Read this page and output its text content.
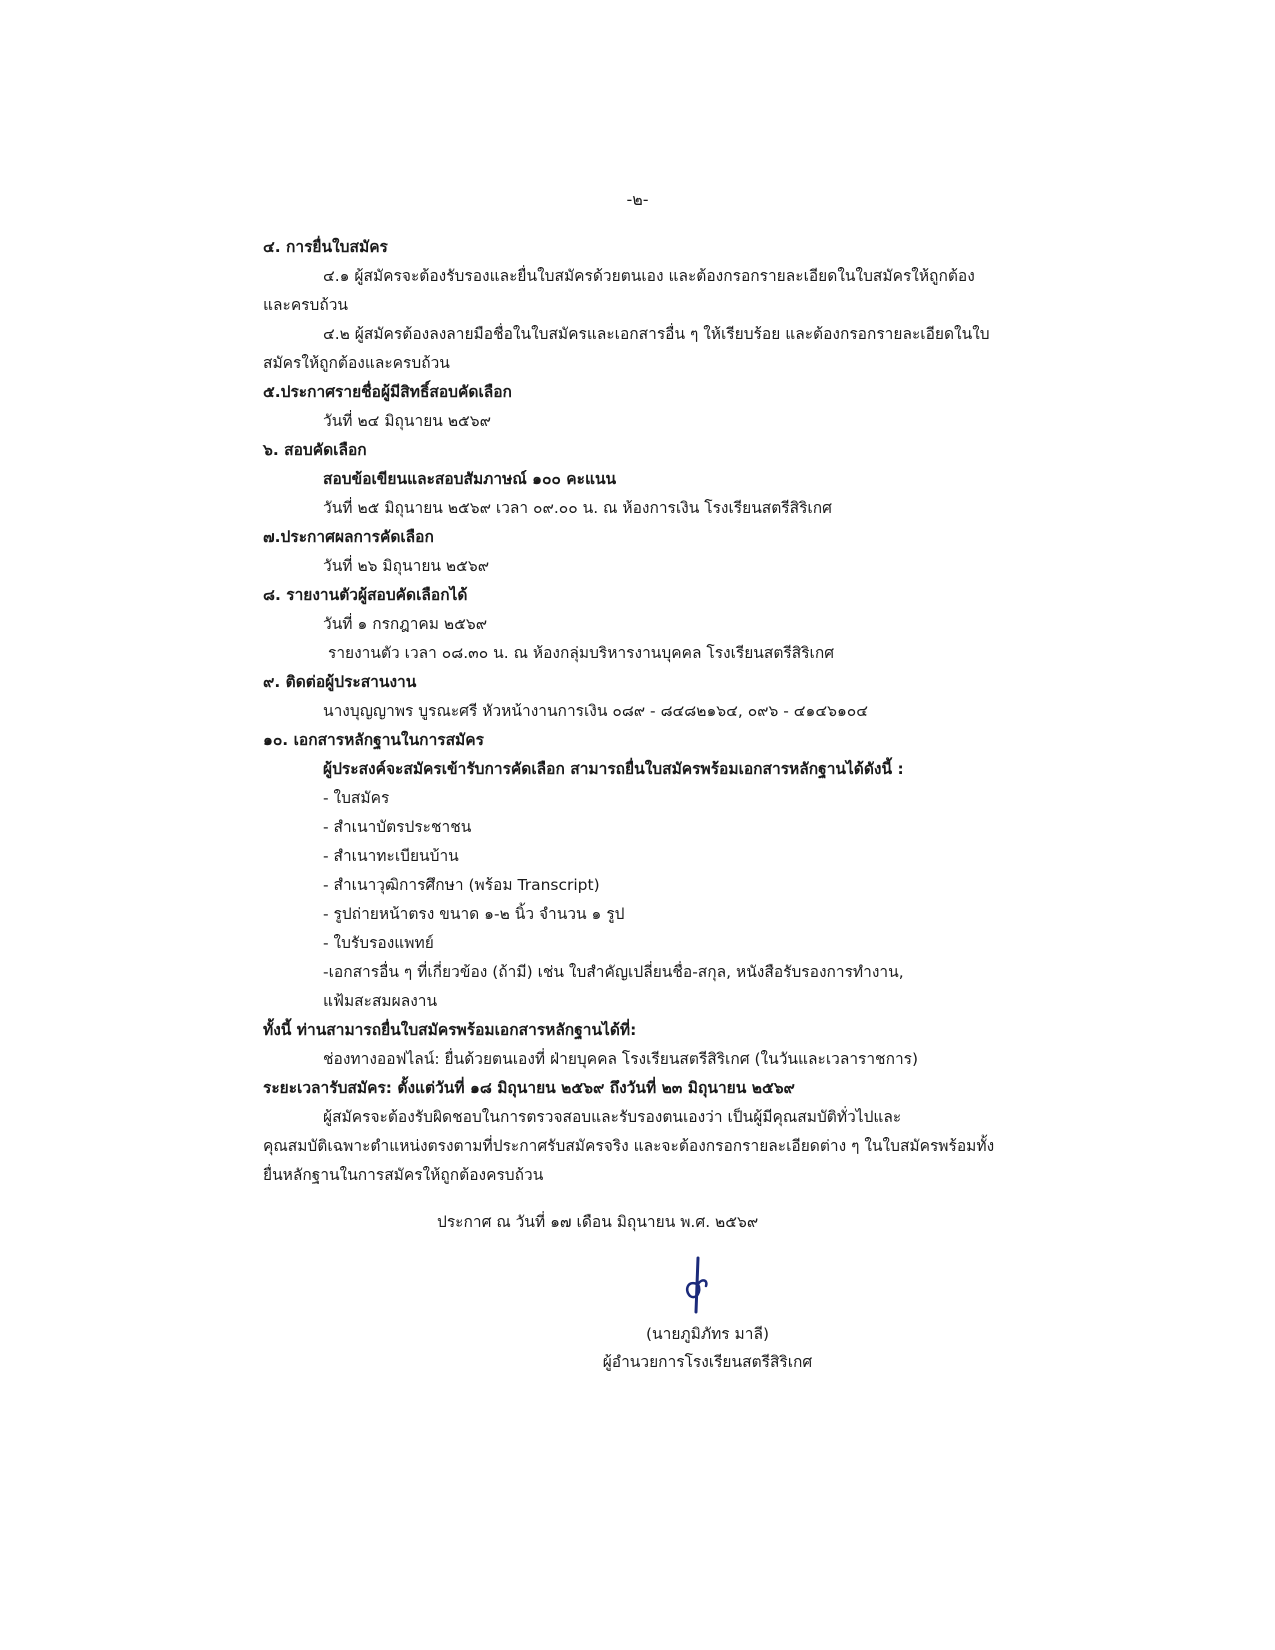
-๒-
๔. การยื่นใบสมัคร
๔.๑ ผู้สมัครจะต้องรับรองและยื่นใบสมัครด้วยตนเอง และต้องกรอกรายละเอียดในใบสมัครให้ถูกต้อง
และครบถ้วน
๔.๒ ผู้สมัครต้องลงลายมือชื่อในใบสมัครและเอกสารอื่น ๆ ให้เรียบร้อย และต้องกรอกรายละเอียดในใบ
สมัครให้ถูกต้องและครบถ้วน
๕.ประกาศรายชื่อผู้มีสิทธิ์สอบคัดเลือก
วันที่ ๒๔ มิถุนายน ๒๕๖๙
๖. สอบคัดเลือก
สอบข้อเขียนและสอบสัมภาษณ์ ๑๐๐ คะแนน
วันที่ ๒๕ มิถุนายน ๒๕๖๙ เวลา ๐๙.๐๐ น. ณ ห้องการเงิน โรงเรียนสตรีสิริเกศ
๗.ประกาศผลการคัดเลือก
วันที่ ๒๖ มิถุนายน ๒๕๖๙
๘. รายงานตัวผู้สอบคัดเลือกได้
วันที่ ๑ กรกฎาคม ๒๕๖๙
รายงานตัว เวลา ๐๘.๓๐ น. ณ ห้องกลุ่มบริหารงานบุคคล โรงเรียนสตรีสิริเกศ
๙. ติดต่อผู้ประสานงาน
นางบุญญาพร บูรณะศรี หัวหน้างานการเงิน ๐๘๙ - ๘๔๘๒๑๖๔, ๐๙๖ - ๔๑๔๖๑๐๔
๑๐. เอกสารหลักฐานในการสมัคร
ผู้ประสงค์จะสมัครเข้ารับการคัดเลือก สามารถยื่นใบสมัครพร้อมเอกสารหลักฐานได้ดังนี้ :
- ใบสมัคร
- สำเนาบัตรประชาชน
- สำเนาทะเบียนบ้าน
- สำเนาวุฒิการศึกษา (พร้อม Transcript)
- รูปถ่ายหน้าตรง ขนาด ๑-๒ นิ้ว จำนวน ๑ รูป
- ใบรับรองแพทย์
-เอกสารอื่น ๆ ที่เกี่ยวข้อง (ถ้ามี) เช่น ใบสำคัญเปลี่ยนชื่อ-สกุล, หนังสือรับรองการทำงาน,
แฟ้มสะสมผลงาน
ทั้งนี้ ท่านสามารถยื่นใบสมัครพร้อมเอกสารหลักฐานได้ที่:
ช่องทางออฟไลน์: ยื่นด้วยตนเองที่ ฝ่ายบุคคล โรงเรียนสตรีสิริเกศ (ในวันและเวลาราชการ)
ระยะเวลารับสมัคร: ตั้งแต่วันที่ ๑๘ มิถุนายน ๒๕๖๙ ถึงวันที่ ๒๓ มิถุนายน ๒๕๖๙
ผู้สมัครจะต้องรับผิดชอบในการตรวจสอบและรับรองตนเองว่า เป็นผู้มีคุณสมบัติทั่วไปและ
คุณสมบัติเฉพาะตำแหน่งตรงตามที่ประกาศรับสมัครจริง และจะต้องกรอกรายละเอียดต่าง ๆ ในใบสมัครพร้อมทั้ง
ยื่นหลักฐานในการสมัครให้ถูกต้องครบถ้วน
ประกาศ ณ วันที่ ๑๗ เดือน มิถุนายน พ.ศ. ๒๕๖๙
(นายภูมิภัทร มาลี)
ผู้อำนวยการโรงเรียนสตรีสิริเกศ
